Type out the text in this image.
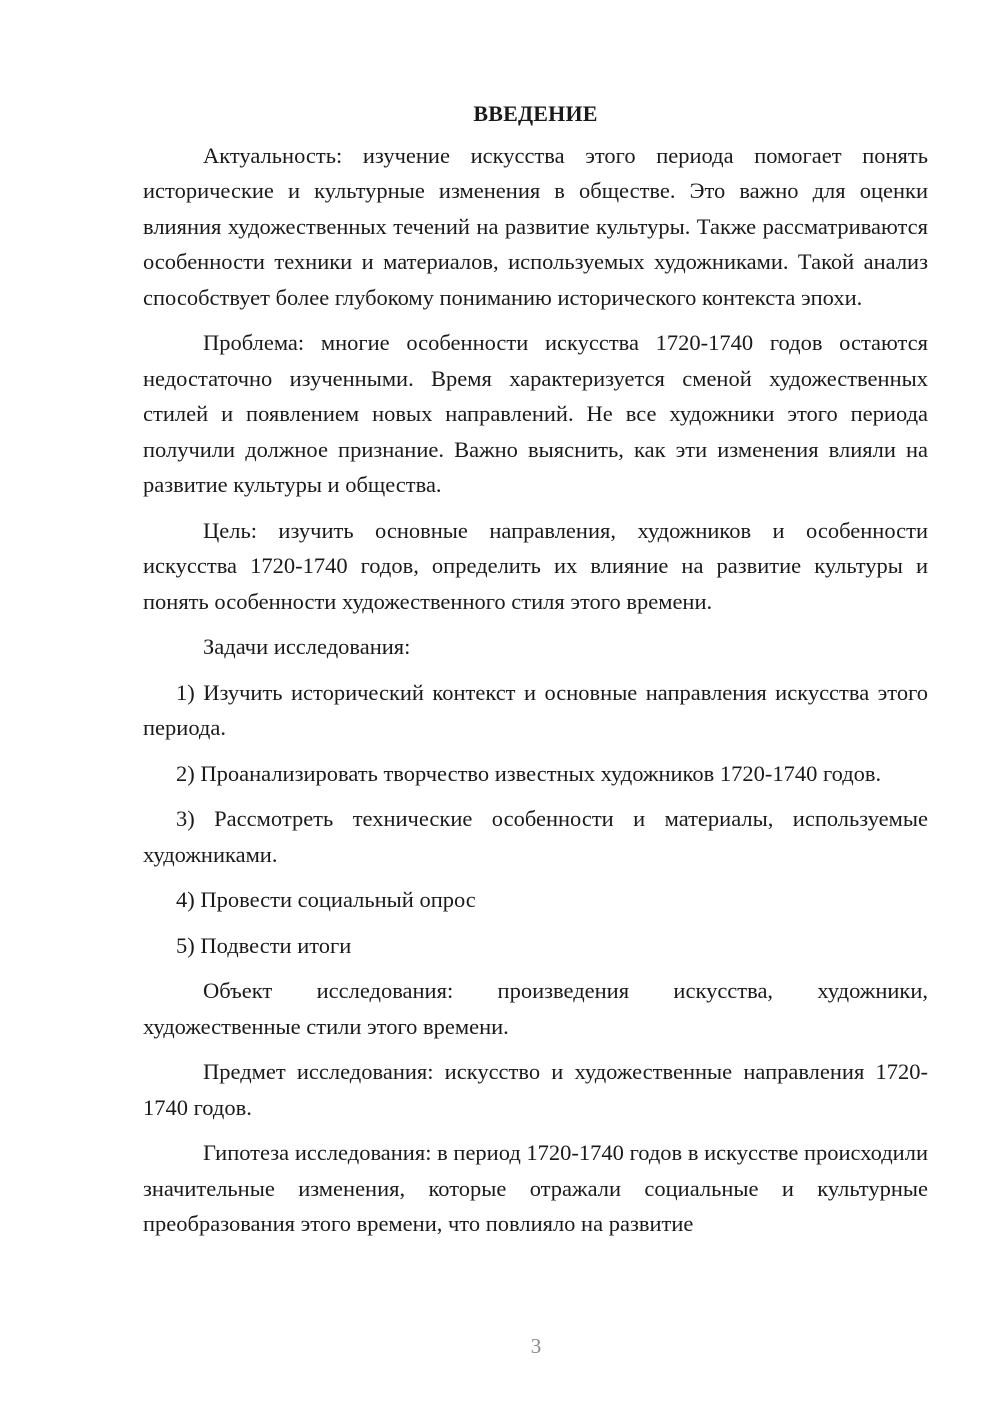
ВВЕДЕНИЕ

Актуальность: изучение искусства этого периода помогает понять исторические и культурные изменения в обществе. Это важно для оценки влияния художественных течений на развитие культуры. Также рассматриваются особенности техники и материалов, используемых художниками. Такой анализ способствует более глубокому пониманию исторического контекста эпохи.

Проблема: многие особенности искусства 1720-1740 годов остаются недостаточно изученными. Время характеризуется сменой художественных стилей и появлением новых направлений. Не все художники этого периода получили должное признание. Важно выяснить, как эти изменения влияли на развитие культуры и общества.

Цель: изучить основные направления, художников и особенности искусства 1720-1740 годов, определить их влияние на развитие культуры и понять особенности художественного стиля этого времени.

Задачи исследования:

1) Изучить исторический контекст и основные направления искусства этого периода.

2) Проанализировать творчество известных художников 1720-1740 годов.

3) Рассмотреть технические особенности и материалы, используемые художниками.

4) Провести социальный опрос

5) Подвести итоги

Объект исследования: произведения искусства, художники, художественные стили этого времени.

Предмет исследования: искусство и художественные направления 1720-1740 годов.

Гипотеза исследования: в период 1720-1740 годов в искусстве происходили значительные изменения, которые отражали социальные и культурные преобразования этого времени, что повлияло на развитие

3
